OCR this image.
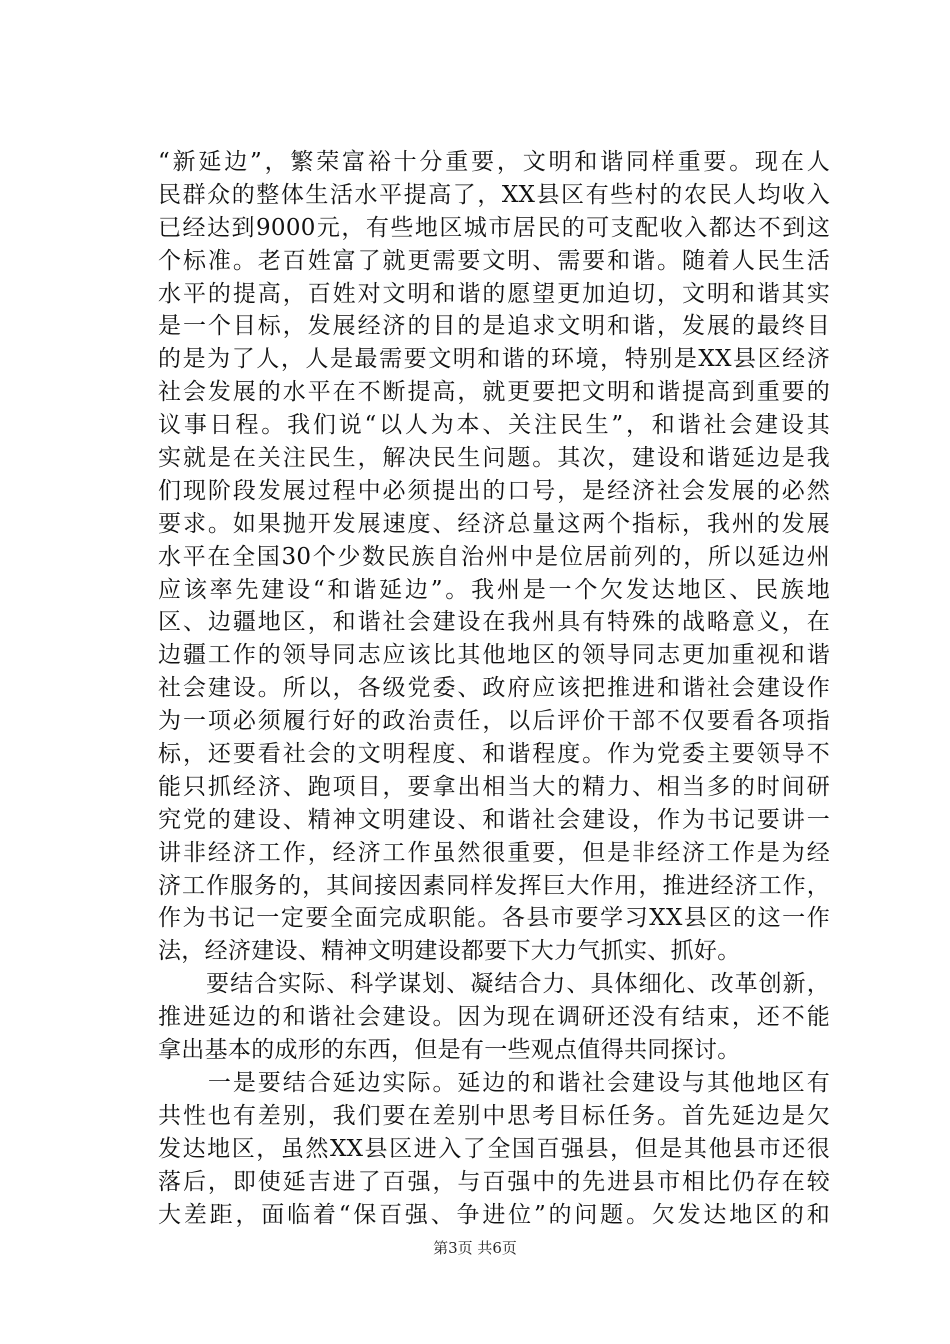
“新延边”，繁荣富裕十分重要，文明和谐同样重要。现在人
民群众的整体生活水平提高了，XX县区有些村的农民人均收入
已经达到9000元，有些地区城市居民的可支配收入都达不到这
个标准。老百姓富了就更需要文明、需要和谐。随着人民生活
水平的提高，百姓对文明和谐的愿望更加迫切，文明和谐其实
是一个目标，发展经济的目的是追求文明和谐，发展的最终目
的是为了人，人是最需要文明和谐的环境，特别是XX县区经济
社会发展的水平在不断提高，就更要把文明和谐提高到重要的
议事日程。我们说“以人为本、关注民生”，和谐社会建设其
实就是在关注民生，解决民生问题。其次，建设和谐延边是我
们现阶段发展过程中必须提出的口号，是经济社会发展的必然
要求。如果抛开发展速度、经济总量这两个指标，我州的发展
水平在全国30个少数民族自治州中是位居前列的，所以延边州
应该率先建设“和谐延边”。我州是一个欠发达地区、民族地
区、边疆地区，和谐社会建设在我州具有特殊的战略意义，在
边疆工作的领导同志应该比其他地区的领导同志更加重视和谐
社会建设。所以，各级党委、政府应该把推进和谐社会建设作
为一项必须履行好的政治责任，以后评价干部不仅要看各项指
标，还要看社会的文明程度、和谐程度。作为党委主要领导不
能只抓经济、跑项目，要拿出相当大的精力、相当多的时间研
究党的建设、精神文明建设、和谐社会建设，作为书记要讲一
讲非经济工作，经济工作虽然很重要，但是非经济工作是为经
济工作服务的，其间接因素同样发挥巨大作用，推进经济工作，
作为书记一定要全面完成职能。各县市要学习XX县区的这一作
法，经济建设、精神文明建设都要下大力气抓实、抓好。
　　要结合实际、科学谋划、凝结合力、具体细化、改革创新，
推进延边的和谐社会建设。因为现在调研还没有结束，还不能
拿出基本的成形的东西，但是有一些观点值得共同探讨。
　　一是要结合延边实际。延边的和谐社会建设与其他地区有
共性也有差别，我们要在差别中思考目标任务。首先延边是欠
发达地区，虽然XX县区进入了全国百强县，但是其他县市还很
落后，即使延吉进了百强，与百强中的先进县市相比仍存在较
大差距，面临着“保百强、争进位”的问题。欠发达地区的和
第3页 共6页
